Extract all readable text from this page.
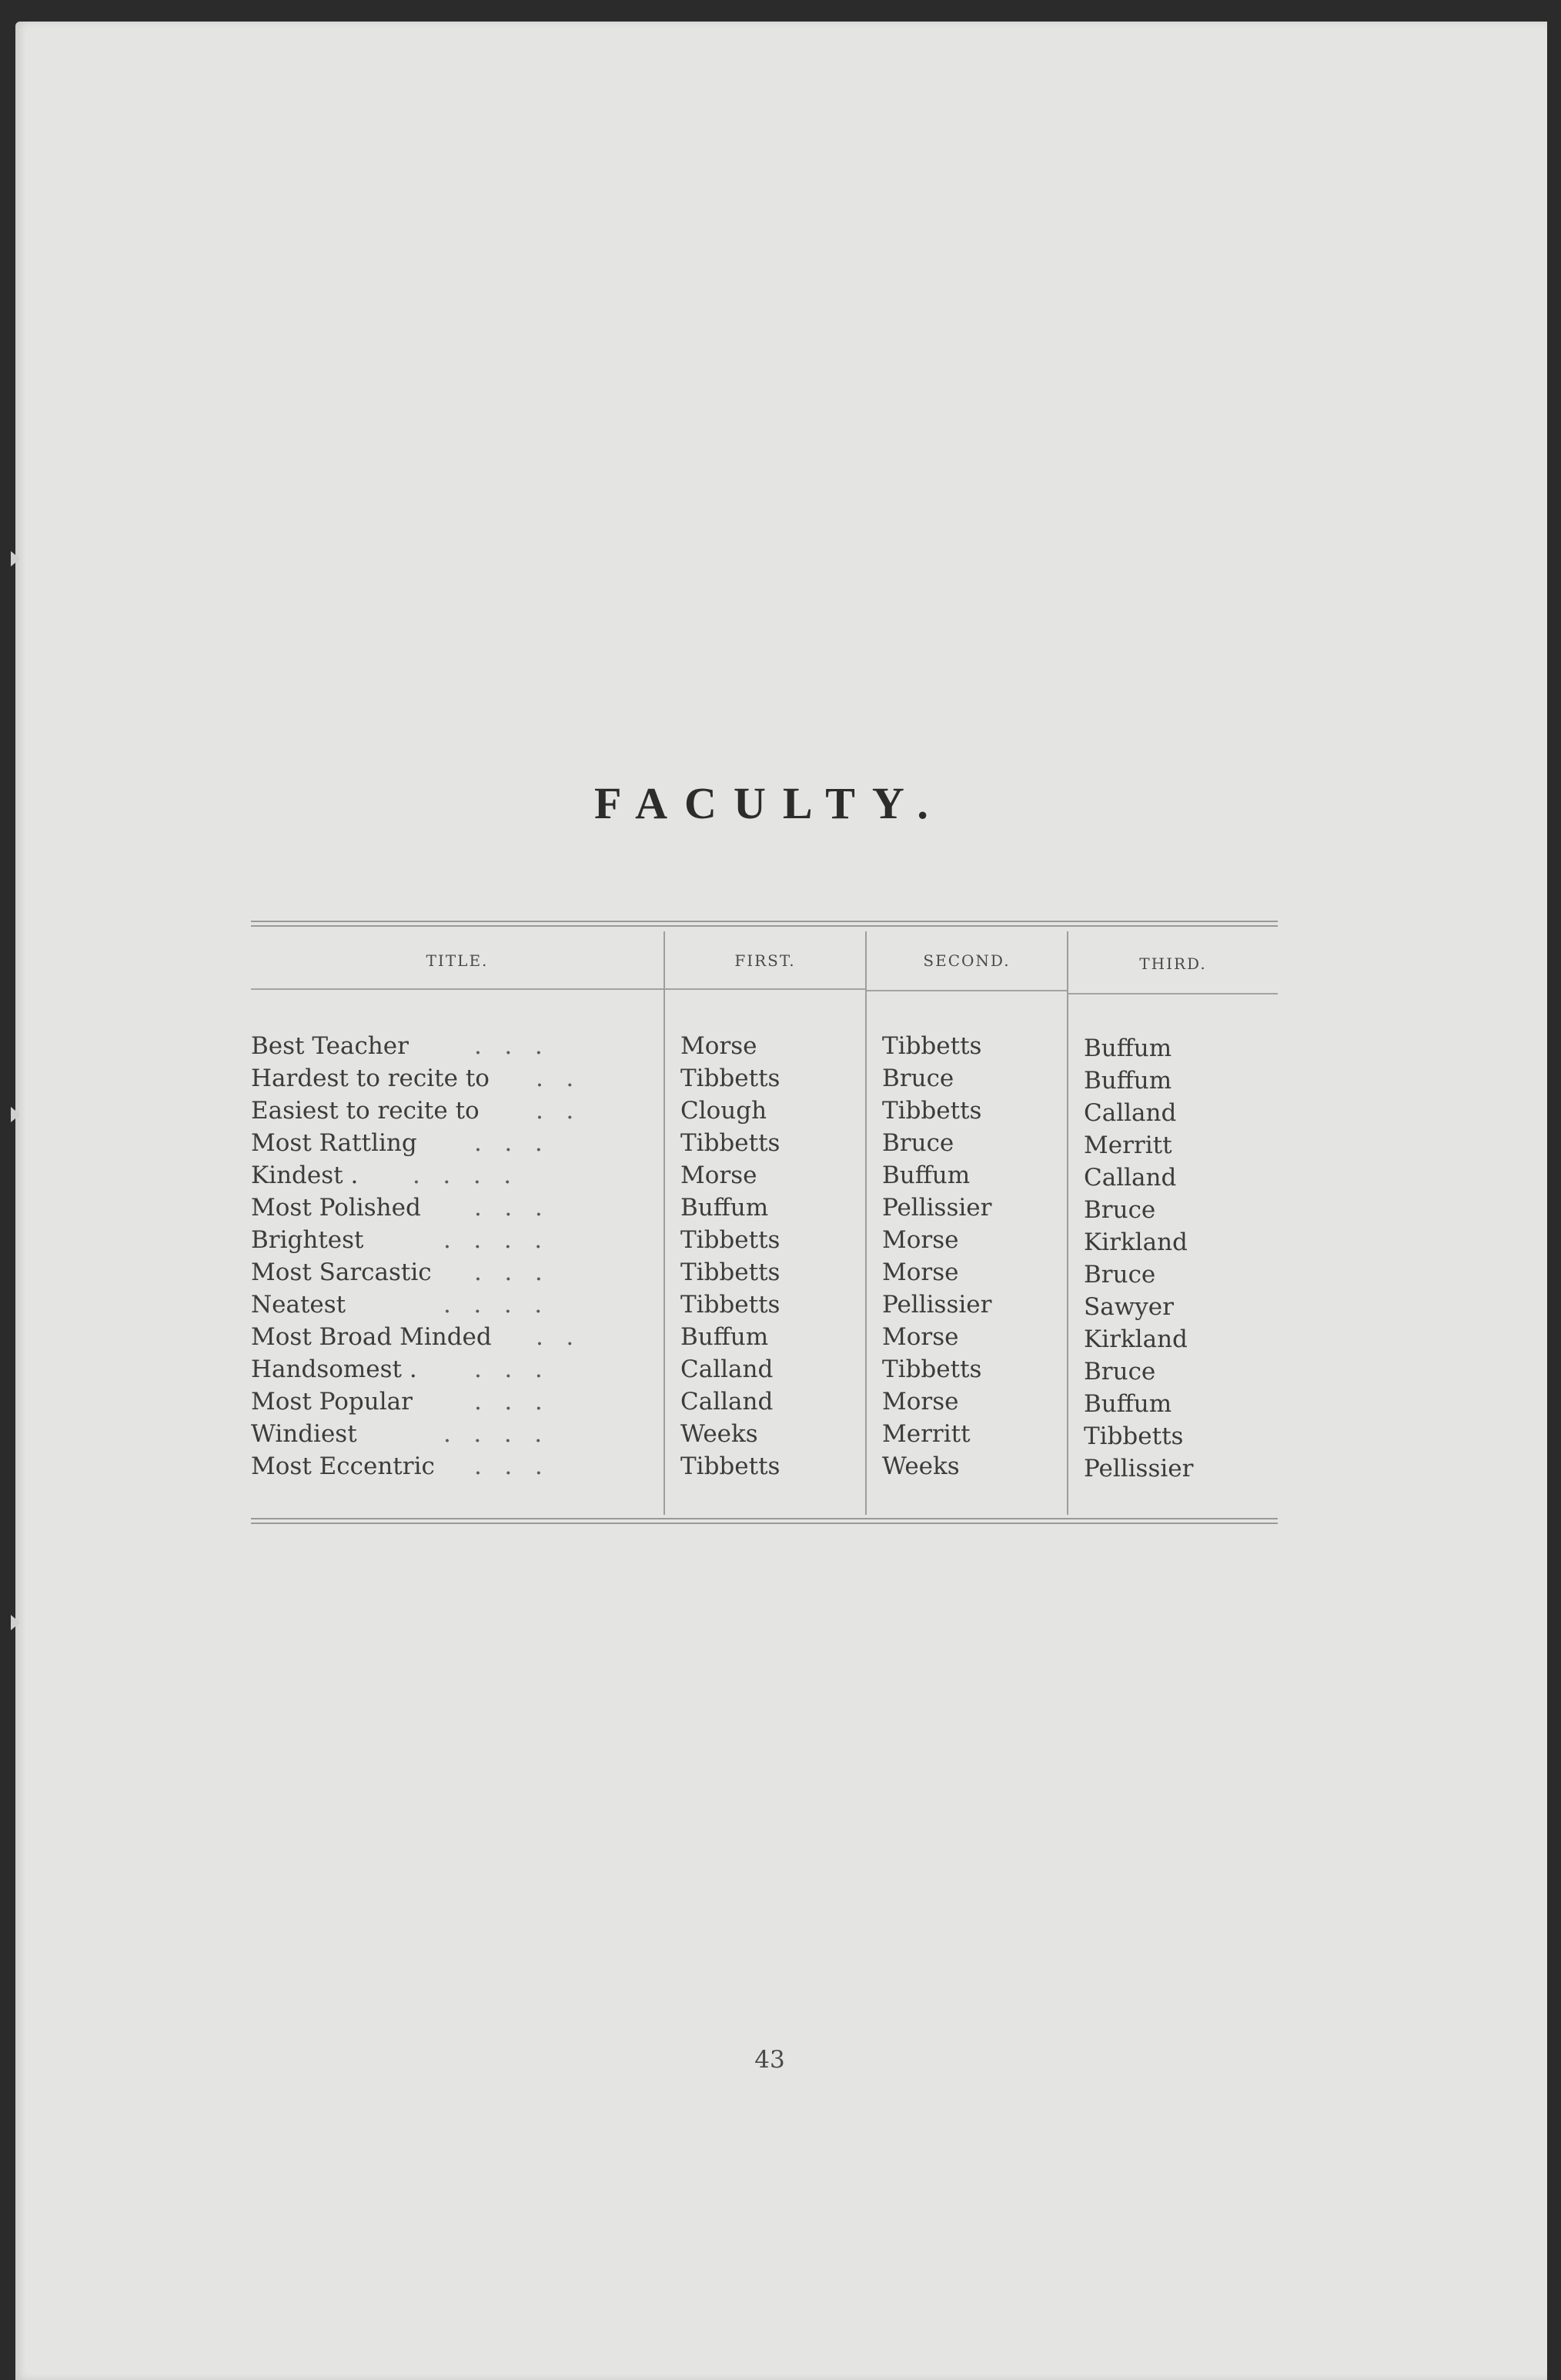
FACULTY.
TITLE.	FIRST.	SECOND.	THIRD.
Best Teacher	.   .   .	Morse	Tibbetts	Buffum
Hardest to recite to .   .	Tibbetts	Bruce	Buffum
Easiest to recite to .   .	Clough	Tibbetts	Calland
Most Rattling .   .   .	Tibbetts	Bruce	Merritt
Kindest . .   .   .   .	Morse	Buffum	Calland
Most Polished .   .   .	Buffum	Pellissier	Bruce
Brightest	.   .   .   .	Tibbetts	Morse	Kirkland
Most Sarcastic .   .   .	Tibbetts	Morse	Bruce
Neatest	.   .   .   .	Tibbetts	Pellissier	Sawyer
Most Broad Minded .   .	Buffum	Morse	Kirkland
Handsomest . .   .   .	Calland	Tibbetts	Bruce
Most Popular	.   .   .	Calland	Morse	Buffum
Windiest	.   .   .   .	Weeks	Merritt	Tibbetts
Most Eccentric .   .   .	Tibbetts	Weeks	Pellissier
43
